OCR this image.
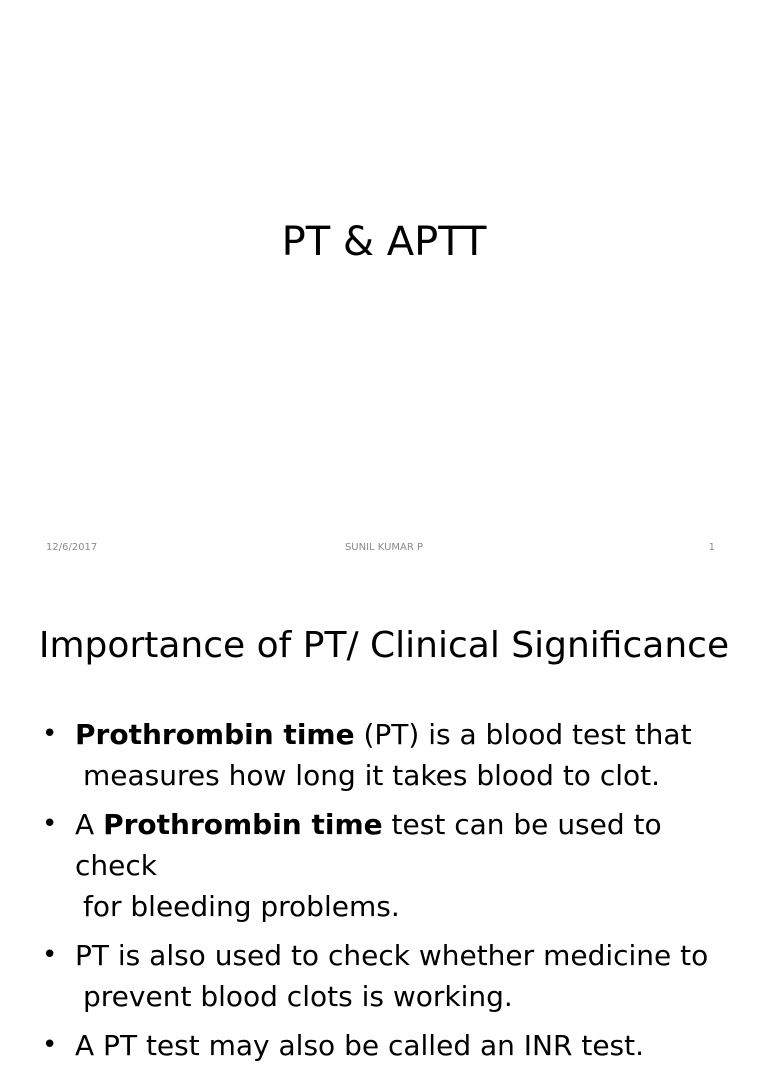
PT & APTT
12/6/2017	SUNIL KUMAR P	1
Importance of PT/ Clinical Significance
• Prothrombin time (PT) is a blood test that
measures how long it takes blood to clot.
• A Prothrombin time test can be used to check
for bleeding problems.
• PT is also used to check whether medicine to
prevent blood clots is working.
• A PT test may also be called an INR test.
